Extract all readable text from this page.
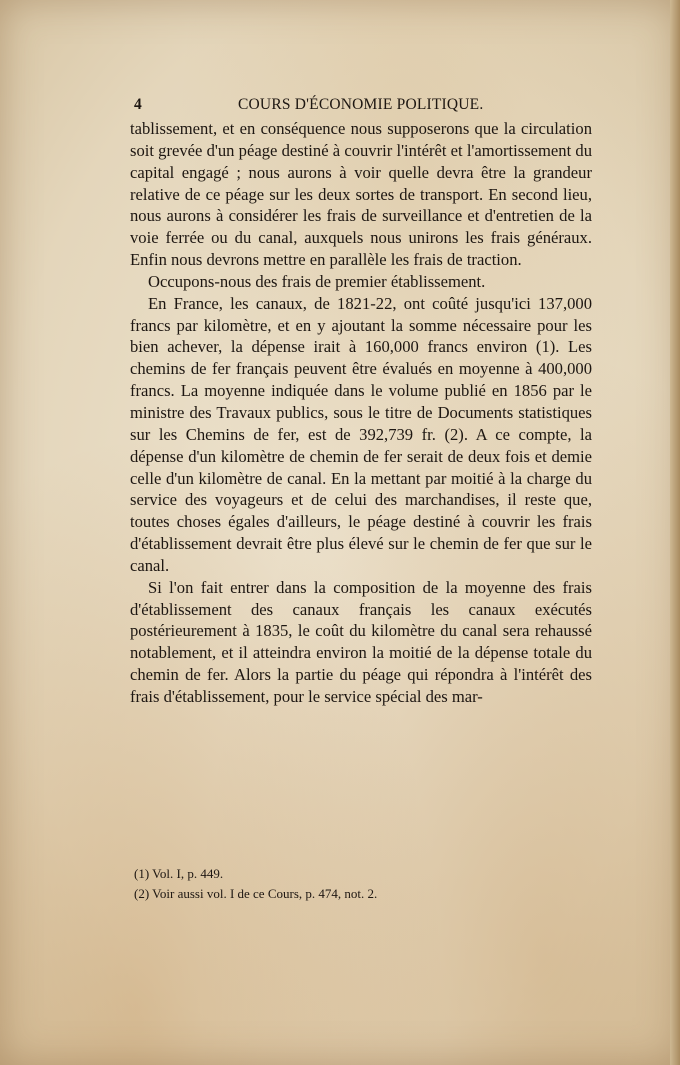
4	COURS D'ÉCONOMIE POLITIQUE.

tablissement, et en conséquence nous supposerons que la circulation soit grevée d'un péage destiné à couvrir l'intérêt et l'amortissement du capital engagé ; nous aurons à voir quelle devra être la grandeur relative de ce péage sur les deux sortes de transport. En second lieu, nous aurons à considérer les frais de surveillance et d'entretien de la voie ferrée ou du canal, auxquels nous unirons les frais généraux. Enfin nous devrons mettre en parallèle les frais de traction.

Occupons-nous des frais de premier établissement.

En France, les canaux, de 1821-22, ont coûté jusqu'ici 137,000 francs par kilomètre, et en y ajoutant la somme nécessaire pour les bien achever, la dépense irait à 160,000 francs environ (1). Les chemins de fer français peuvent être évalués en moyenne à 400,000 francs. La moyenne indiquée dans le volume publié en 1856 par le ministre des Travaux publics, sous le titre de Documents statistiques sur les Chemins de fer, est de 392,739 fr. (2). A ce compte, la dépense d'un kilomètre de chemin de fer serait de deux fois et demie celle d'un kilomètre de canal. En la mettant par moitié à la charge du service des voyageurs et de celui des marchandises, il reste que, toutes choses égales d'ailleurs, le péage destiné à couvrir les frais d'établissement devrait être plus élevé sur le chemin de fer que sur le canal.

Si l'on fait entrer dans la composition de la moyenne des frais d'établissement des canaux français les canaux exécutés postérieurement à 1835, le coût du kilomètre du canal sera rehaussé notablement, et il atteindra environ la moitié de la dépense totale du chemin de fer. Alors la partie du péage qui répondra à l'intérêt des frais d'établissement, pour le service spécial des mar-

(1) Vol. I, p. 449.

(2) Voir aussi vol. I de ce Cours, p. 474, not. 2.
